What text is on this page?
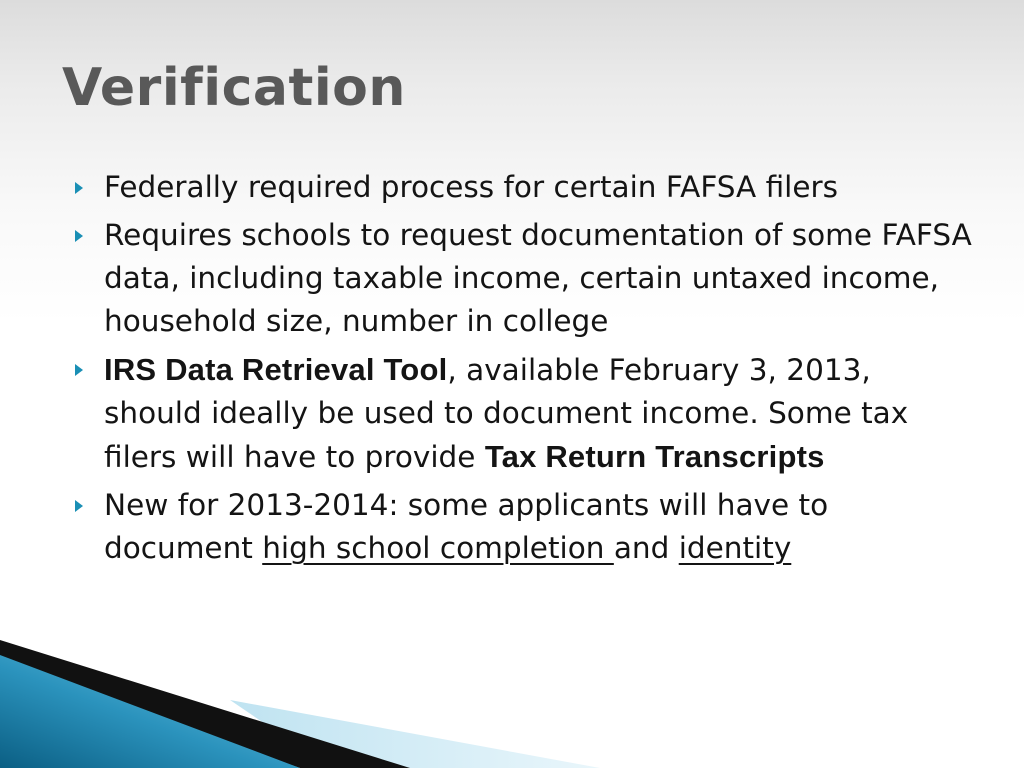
Verification
Federally required process for certain FAFSA filers
Requires schools to request documentation of some FAFSA data, including taxable income, certain untaxed income, household size, number in college
IRS Data Retrieval Tool, available February 3, 2013, should ideally be used to document income. Some tax filers will have to provide Tax Return Transcripts
New for 2013-2014: some applicants will have to document high school completion and identity
